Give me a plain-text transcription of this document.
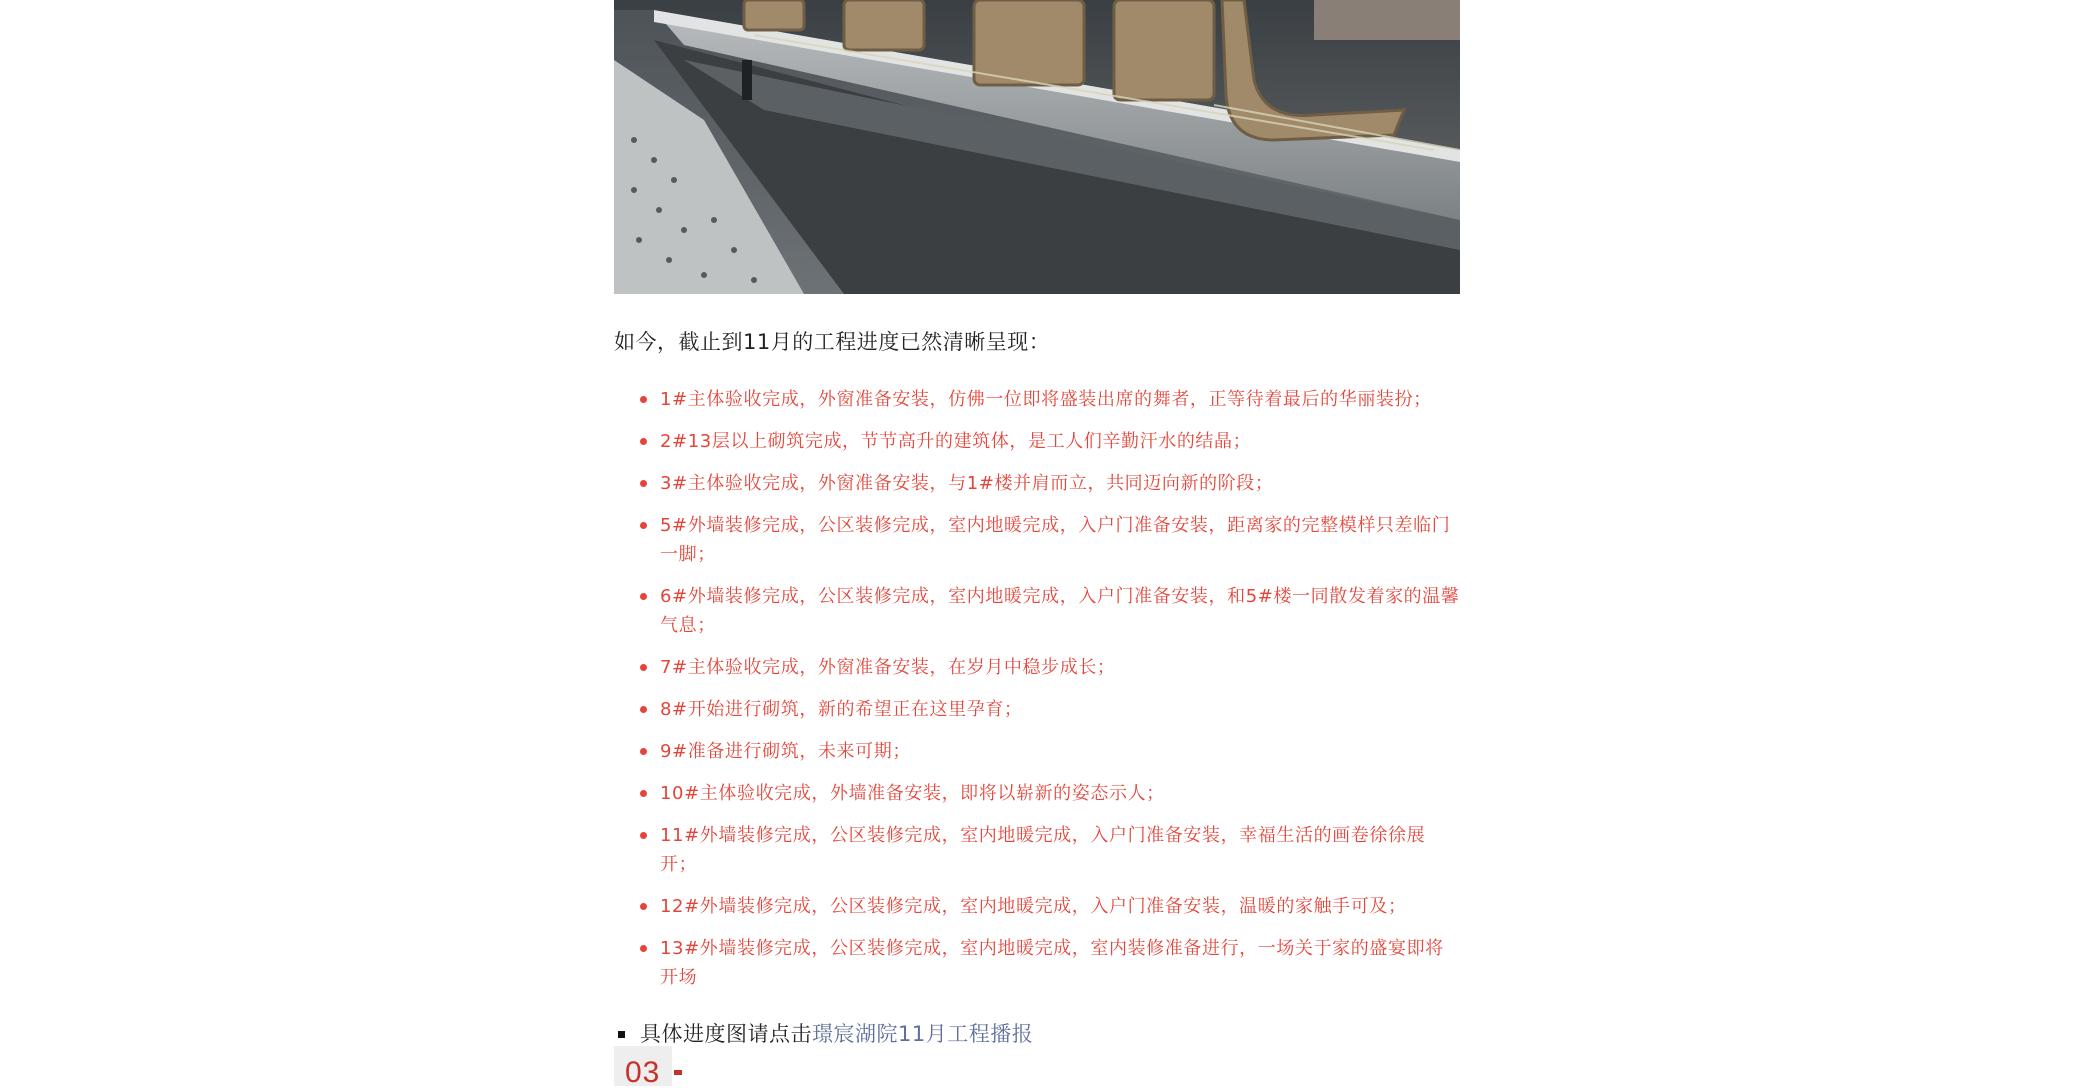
如今，截止到11月的工程进度已然清晰呈现：

1#主体验收完成，外窗准备安装，仿佛一位即将盛装出席的舞者，正等待着最后的华丽装扮；
2#13层以上砌筑完成，节节高升的建筑体，是工人们辛勤汗水的结晶；
3#主体验收完成，外窗准备安装，与1#楼并肩而立，共同迈向新的阶段；
5#外墙装修完成，公区装修完成，室内地暖完成，入户门准备安装，距离家的完整模样只差临门一脚；
6#外墙装修完成，公区装修完成，室内地暖完成，入户门准备安装，和5#楼一同散发着家的温馨气息；
7#主体验收完成，外窗准备安装，在岁月中稳步成长；
8#开始进行砌筑，新的希望正在这里孕育；
9#准备进行砌筑，未来可期；
10#主体验收完成，外墙准备安装，即将以崭新的姿态示人；
11#外墙装修完成，公区装修完成，室内地暖完成，入户门准备安装，幸福生活的画卷徐徐展开；
12#外墙装修完成，公区装修完成，室内地暖完成，入户门准备安装，温暖的家触手可及；
13#外墙装修完成，公区装修完成，室内地暖完成，室内装修准备进行，一场关于家的盛宴即将开场
具体进度图请点击璟宸湖院11月工程播报
03
